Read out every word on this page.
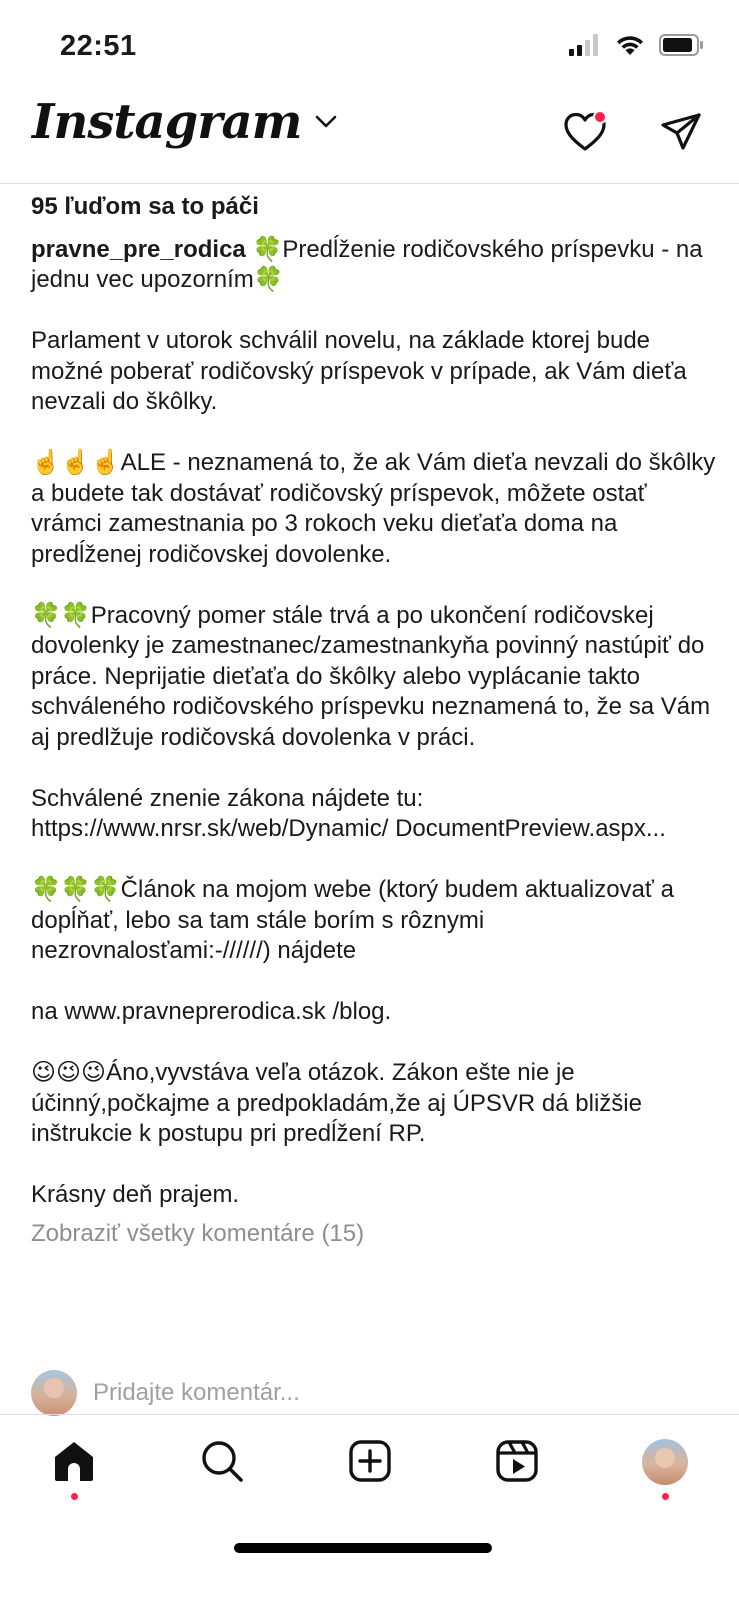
22:51
Instagram
95 ľuďom sa to páči

pravne_pre_rodica 🍀Predĺženie rodičovského príspevku - na jednu vec upozorním🍀

Parlament v utorok schválil novelu, na základe ktorej bude možné poberať rodičovský príspevok v prípade, ak Vám dieťa nevzali do škôlky.

☝️☝️☝️ALE - neznamená to, že ak Vám dieťa nevzali do škôlky a budete tak dostávať rodičovský príspevok, môžete ostať vrámci zamestnania po 3 rokoch veku dieťaťa doma na predĺženej rodičovskej dovolenke.

🍀🍀Pracovný pomer stále trvá a po ukončení rodičovskej dovolenky je zamestnanec/zamestnankyňa povinný nastúpiť do práce. Neprijatie dieťaťa do škôlky alebo vyplácanie takto schváleného rodičovského príspevku neznamená to, že sa Vám aj predlžuje rodičovská dovolenka v práci.

Schválené znenie zákona nájdete tu: https://www.nrsr.sk/web/Dynamic/ DocumentPreview.aspx...

🍀🍀🍀Článok na mojom webe (ktorý budem aktualizovať a dopĺňať, lebo sa tam stále borím s rôznymi nezrovnalosťami:-//////) nájdete

na www.pravneprerodica.sk /blog.

😉😉😉Áno,vyvstáva veľa otázok. Zákon ešte nie je účinný,počkajme a predpokladám,že aj ÚPSVR dá bližšie inštrukcie k postupu pri predĺžení RP.

Krásny deň prajem.

Zobraziť všetky komentáre (15)
Pridajte komentár...
